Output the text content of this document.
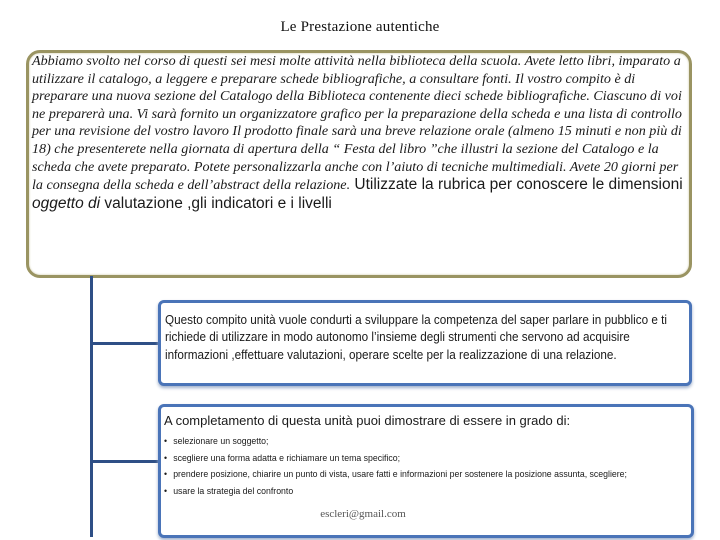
Le Prestazione autentiche
Abbiamo svolto nel corso di questi sei mesi molte attività nella biblioteca della scuola. Avete letto libri, imparato a utilizzare il catalogo, a leggere e preparare schede bibliografiche, a consultare fonti. Il vostro compito è di preparare una nuova sezione del Catalogo della Biblioteca contenente dieci schede bibliografiche. Ciascuno di voi ne preparerà una. Vi sarà fornito un organizzatore grafico per la preparazione della scheda e una lista di controllo per una revisione del vostro lavoro Il prodotto finale sarà una breve relazione orale (almeno 15 minuti e non più di 18) che presenterete nella giornata di apertura della “ Festa del libro ”che illustri la sezione del Catalogo e la scheda che avete preparato. Potete personalizzarla anche con l’aiuto di tecniche multimediali. Avete 20 giorni per la consegna della scheda e dell’abstract della relazione. Utilizzate la rubrica per conoscere le dimensioni oggetto di valutazione ,gli indicatori e i livelli
Questo compito unità vuole condurti a sviluppare la competenza del saper parlare in pubblico e ti richiede di utilizzare in modo autonomo l’insieme degli strumenti che servono ad acquisire informazioni ,effettuare valutazioni, operare scelte per la realizzazione di una relazione.
A completamento di questa unità puoi dimostrare di essere in grado di:
• selezionare un soggetto;
• scegliere una forma adatta e richiamare un tema specifico;
• prendere posizione, chiarire un punto di vista, usare fatti e informazioni per sostenere la posizione assunta, scegliere;
• usare la strategia del confronto
escleri@gmail.com
